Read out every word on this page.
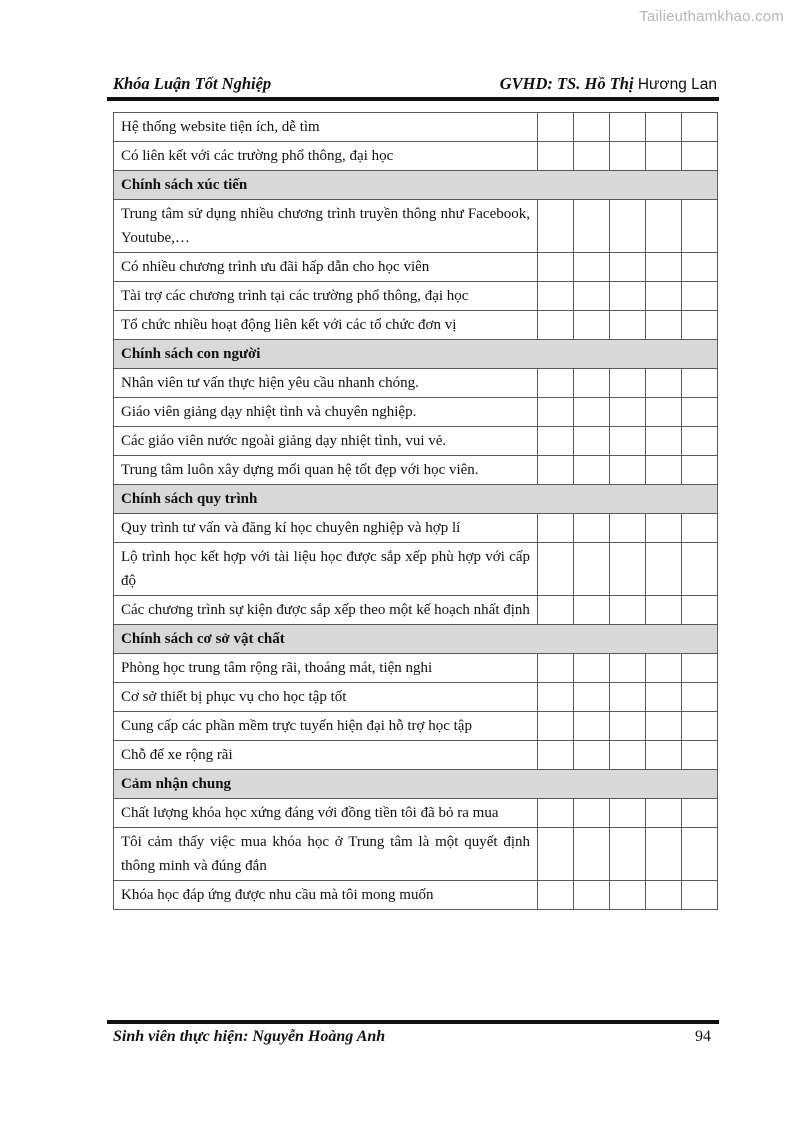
Tailieuthamkhao.com
Khóa Luận Tốt Nghiệp	GVHD: TS. Hồ Thị Hương Lan
Hệ thống website tiện ích, dễ tìm					
Có liên kết với các trường phổ thông, đại học					
Chính sách xúc tiến					
Trung tâm sử dụng nhiều chương trình truyền thông như Facebook, Youtube,…					
Có nhiều chương trình ưu đãi hấp dẫn cho học viên					
Tài trợ các chương trình tại các trường phổ thông, đại học					
Tổ chức nhiều hoạt động liên kết với các tổ chức đơn vị					
Chính sách con người					
Nhân viên tư vấn thực hiện yêu cầu nhanh chóng.					
Giáo viên giảng dạy nhiệt tình và chuyên nghiệp.					
Các giáo viên nước ngoài giảng dạy nhiệt tình, vui vẻ.					
Trung tâm luôn xây dựng mối quan hệ tốt đẹp với học viên.					
Chính sách quy trình					
Quy trình tư vấn và đăng kí học chuyên nghiệp và hợp lí					
Lộ trình học kết hợp với tài liệu học được sắp xếp phù hợp với cấp độ					
Các chương trình sự kiện được sắp xếp theo một kế hoạch nhất định					
Chính sách cơ sở vật chất					
Phòng học trung tâm rộng rãi, thoáng mát, tiện nghi					
Cơ sở thiết bị phục vụ cho học tập tốt					
Cung cấp các phần mềm trực tuyến hiện đại hỗ trợ học tập					
Chỗ để xe rộng rãi					
Cảm nhận chung					
Chất lượng khóa học xứng đáng với đồng tiền tôi đã bỏ ra mua					
Tôi cảm thấy việc mua khóa học ở Trung tâm là một quyết định thông minh và đúng đắn					
Khóa học đáp ứng được nhu cầu mà tôi mong muốn					
Sinh viên thực hiện: Nguyễn Hoàng Anh	94
